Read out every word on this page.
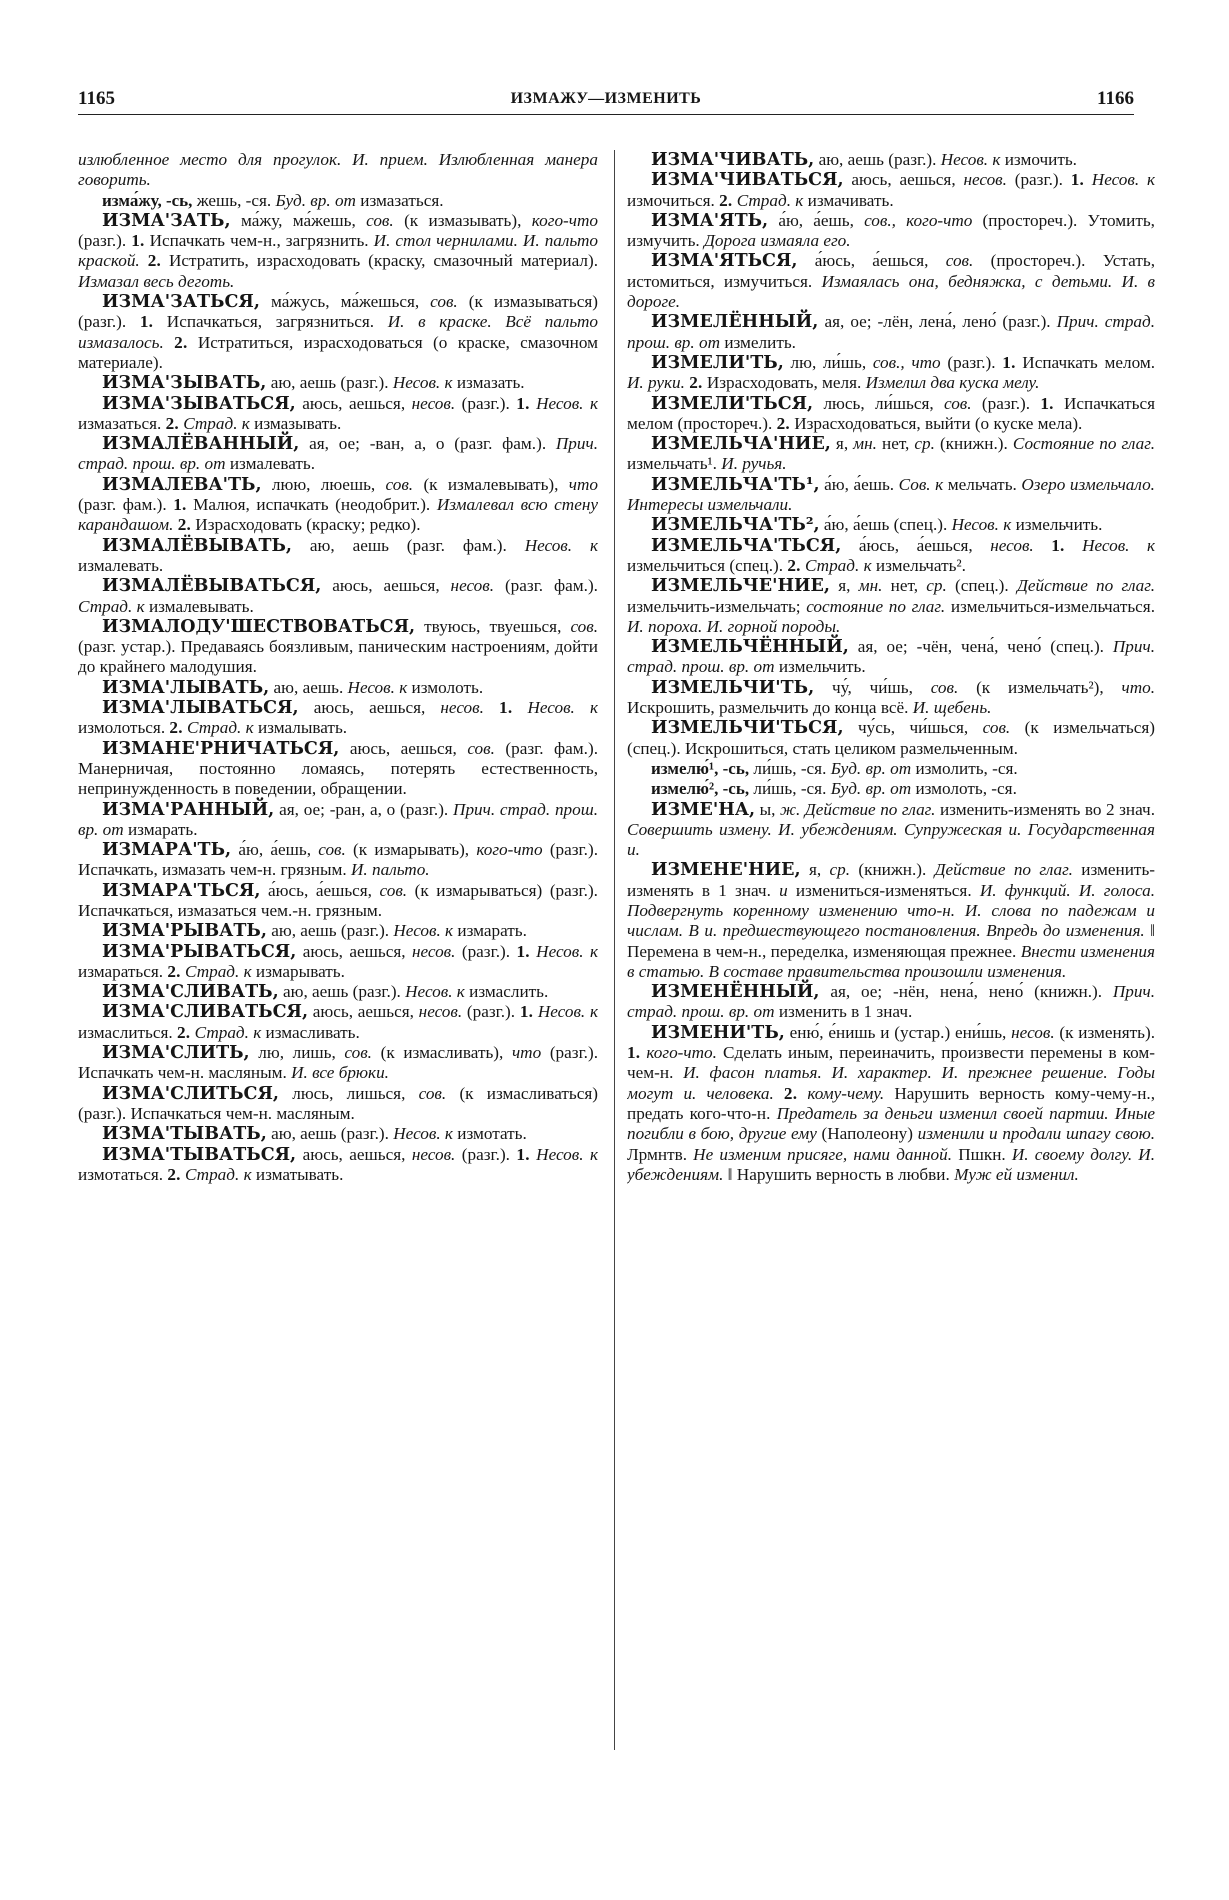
1165	ИЗМАЖУ—ИЗМЕНИТЬ	1166

излюбленное место для прогулок. И. прием. Излюбленная манера говорить.

изма́жу, -сь, жешь, -ся. Буд. вр. от измазаться.

ИЗМА'ЗАТЬ, ма́жу, ма́жешь, сов. (к измазывать), кого-что (разг.). 1. Испачкать чем-н., загрязнить. И. стол чернилами. И. пальто краской. 2. Истратить, израсходовать (краску, смазочный материал). Измазал весь деготь.

ИЗМА'ЗАТЬСЯ, ма́жусь, ма́жешься, сов. (к измазываться) (разг.). 1. Испачкаться, загрязниться. И. в краске. Всё пальто измазалось. 2. Истратиться, израсходоваться (о краске, смазочном материале).

ИЗМА'ЗЫВАТЬ, аю, аешь (разг.). Несов. к измазать.

ИЗМА'ЗЫВАТЬСЯ, аюсь, аешься, несов. (разг.). 1. Несов. к измазаться. 2. Страд. к измазывать.

ИЗМАЛЁВАННЫЙ, ая, ое; -ван, а, о (разг. фам.). Прич. страд. прош. вр. от измалевать.

ИЗМАЛЕВА'ТЬ, люю, люешь, сов. (к измалевывать), что (разг. фам.). 1. Малюя, испачкать (неодобрит.). Измалевал всю стену карандашом. 2. Израсходовать (краску; редко).

ИЗМАЛЁВЫВАТЬ, аю, аешь (разг. фам.). Несов. к измалевать.

ИЗМАЛЁВЫВАТЬСЯ, аюсь, аешься, несов. (разг. фам.). Страд. к измалевывать.

ИЗМАЛОДУ'ШЕСТВОВАТЬСЯ, твуюсь, твуешься, сов. (разг. устар.). Предаваясь боязливым, паническим настроениям, дойти до крайнего малодушия.

ИЗМА'ЛЫВАТЬ, аю, аешь. Несов. к измолоть.

ИЗМА'ЛЫВАТЬСЯ, аюсь, аешься, несов. 1. Несов. к измолоться. 2. Страд. к измалывать.

ИЗМАНЕ'РНИЧАТЬСЯ, аюсь, аешься, сов. (разг. фам.). Манерничая, постоянно ломаясь, потерять естественность, непринужденность в поведении, обращении.

ИЗМА'РАННЫЙ, ая, ое; -ран, а, о (разг.). Прич. страд. прош. вр. от измарать.

ИЗМАРА'ТЬ, а́ю, а́ешь, сов. (к измарывать), кого-что (разг.). Испачкать, измазать чем-н. грязным. И. пальто.

ИЗМАРА'ТЬСЯ, а́юсь, а́ешься, сов. (к измарываться) (разг.). Испачкаться, измазаться чем.-н. грязным.

ИЗМА'РЫВАТЬ, аю, аешь (разг.). Несов. к измарать.

ИЗМА'РЫВАТЬСЯ, аюсь, аешься, несов. (разг.). 1. Несов. к измараться. 2. Страд. к измарывать.

ИЗМА'СЛИВАТЬ, аю, аешь (разг.). Несов. к измаслить.

ИЗМА'СЛИВАТЬСЯ, аюсь, аешься, несов. (разг.). 1. Несов. к измаслиться. 2. Страд. к измасливать.

ИЗМА'СЛИТЬ, лю, лишь, сов. (к измасливать), что (разг.). Испачкать чем-н. масляным. И. все брюки.

ИЗМА'СЛИТЬСЯ, люсь, лишься, сов. (к измасливаться) (разг.). Испачкаться чем-н. масляным.

ИЗМА'ТЫВАТЬ, аю, аешь (разг.). Несов. к измотать.

ИЗМА'ТЫВАТЬСЯ, аюсь, аешься, несов. (разг.). 1. Несов. к измотаться. 2. Страд. к изматывать.

ИЗМА'ЧИВАТЬ, аю, аешь (разг.). Несов. к измочить.

ИЗМА'ЧИВАТЬСЯ, аюсь, аешься, несов. (разг.). 1. Несов. к измочиться. 2. Страд. к измачивать.

ИЗМА'ЯТЬ, а́ю, а́ешь, сов., кого-что (простореч.). Утомить, измучить. Дорога измаяла его.

ИЗМА'ЯТЬСЯ, а́юсь, а́ешься, сов. (простореч.). Устать, истомиться, измучиться. Измаялась она, бедняжка, с детьми. И. в дороге.

ИЗМЕЛЁННЫЙ, ая, ое; -лён, лена́, лено́ (разг.). Прич. страд. прош. вр. от измелить.

ИЗМЕЛИ'ТЬ, лю, ли́шь, сов., что (разг.). 1. Испачкать мелом. И. руки. 2. Израсходовать, меля. Измелил два куска мелу.

ИЗМЕЛИ'ТЬСЯ, люсь, ли́шься, сов. (разг.). 1. Испачкаться мелом (простореч.). 2. Израсходоваться, выйти (о куске мела).

ИЗМЕЛЬЧА'НИЕ, я, мн. нет, ср. (книжн.). Состояние по глаг. измельчать¹. И. ручья.

ИЗМЕЛЬЧА'ТЬ¹, а́ю, а́ешь. Сов. к мельчать. Озеро измельчало. Интересы измельчали.

ИЗМЕЛЬЧА'ТЬ², а́ю, а́ешь (спец.). Несов. к измельчить.

ИЗМЕЛЬЧА'ТЬСЯ, а́юсь, а́ешься, несов. 1. Несов. к измельчиться (спец.). 2. Страд. к измельчать².

ИЗМЕЛЬЧЕ'НИЕ, я, мн. нет, ср. (спец.). Действие по глаг. измельчить-измельчать; состояние по глаг. измельчиться-измельчаться. И. пороха. И. горной породы.

ИЗМЕЛЬЧЁННЫЙ, ая, ое; -чён, чена́, чено́ (спец.). Прич. страд. прош. вр. от измельчить.

ИЗМЕЛЬЧИ'ТЬ, чу́, чи́шь, сов. (к измельчать²), что. Искрошить, размельчить до конца всё. И. щебень.

ИЗМЕЛЬЧИ'ТЬСЯ, чу́сь, чи́шься, сов. (к измельчаться) (спец.). Искрошиться, стать целиком размельченным.

измелю́¹, -сь, ли́шь, -ся. Буд. вр. от измолить, -ся.

измелю́², -сь, ли́шь, -ся. Буд. вр. от измолоть, -ся.

ИЗМЕ'НА, ы, ж. Действие по глаг. изменить-изменять во 2 знач. Совершить измену. И. убеждениям. Супружеская и. Государственная и.

ИЗМЕНЕ'НИЕ, я, ср. (книжн.). Действие по глаг. изменить-изменять в 1 знач. и измениться-изменяться. И. функций. И. голоса. Подвергнуть коренному изменению что-н. И. слова по падежам и числам. В и. предшествующего постановления. Впредь до изменения. ‖ Перемена в чем-н., переделка, изменяющая прежнее. Внести изменения в статью. В составе правительства произошли изменения.

ИЗМЕНЁННЫЙ, ая, ое; -нён, нена́, нено́ (книжн.). Прич. страд. прош. вр. от изменить в 1 знач.

ИЗМЕНИ'ТЬ, еню́, е́нишь и (устар.) ени́шь, несов. (к изменять). 1. кого-что. Сделать иным, переиначить, произвести перемены в ком-чем-н. И. фасон платья. И. характер. И. прежнее решение. Годы могут и. человека. 2. кому-чему. Нарушить верность кому-чему-н., предать кого-что-н. Предатель за деньги изменил своей партии. Иные погибли в бою, другие ему (Наполеону) изменили и продали шпагу свою. Лрмнтв. Не изменим присяге, нами данной. Пшкн. И. своему долгу. И. убеждениям. ‖ Нарушить верность в любви. Муж ей изменил.
